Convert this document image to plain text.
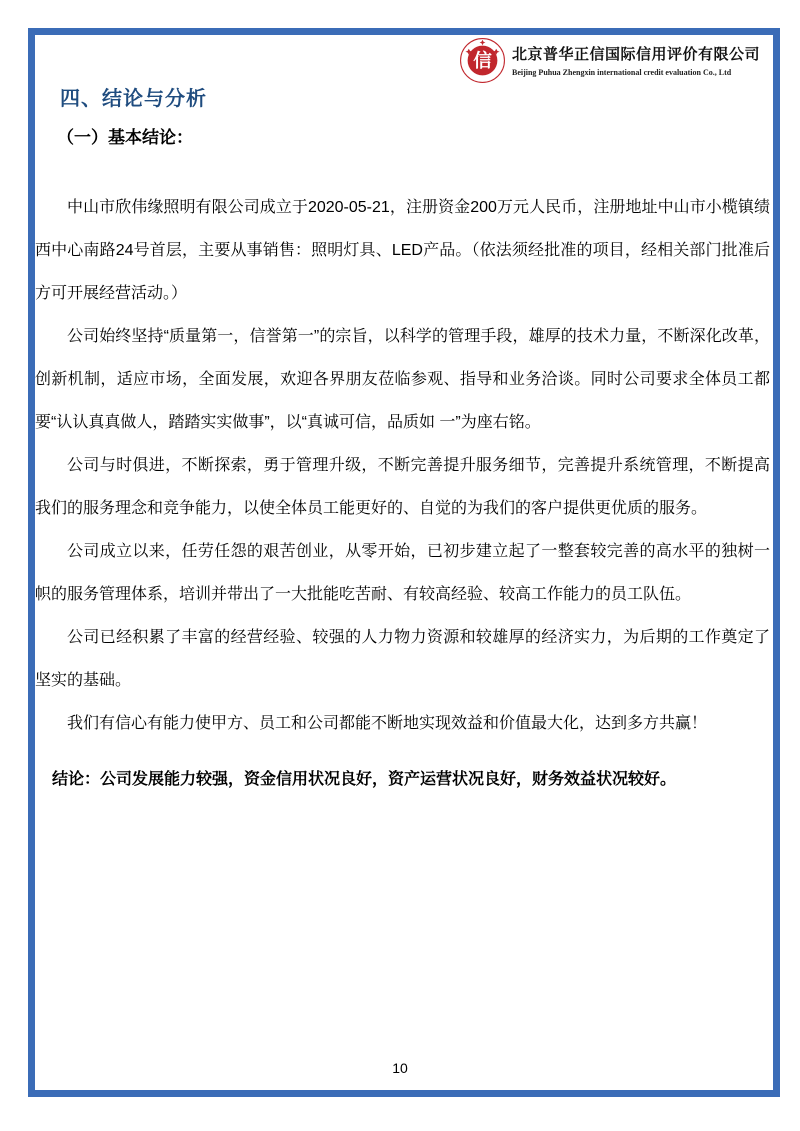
信 北京普华正信国际信用评价有限公司
Beijing Puhua Zhengxin international credit evaluation Co., Ltd
四、结论与分析
（一）基本结论：

中山市欣伟缘照明有限公司成立于2020-05-21，注册资金200万元人民币，注册地址中山市小榄镇绩西中心南路24号首层，主要从事销售：照明灯具、LED产品。（依法须经批准的项目，经相关部门批准后方可开展经营活动。）

公司始终坚持“质量第一，信誉第一”的宗旨，以科学的管理手段，雄厚的技术力量，不断深化改革，创新机制，适应市场，全面发展，欢迎各界朋友莅临参观、指导和业务洽谈。同时公司要求全体员工都要“认认真真做人，踏踏实实做事”，以“真诚可信，品质如 一”为座右铭。

公司与时俱进，不断探索，勇于管理升级，不断完善提升服务细节，完善提升系统管理，不断提高我们的服务理念和竞争能力，以使全体员工能更好的、自觉的为我们的客户提供更优质的服务。

公司成立以来，任劳任怨的艰苦创业，从零开始，已初步建立起了一整套较完善的高水平的独树一帜的服务管理体系，培训并带出了一大批能吃苦耐、有较高经验、较高工作能力的员工队伍。

公司已经积累了丰富的经营经验、较强的人力物力资源和较雄厚的经济实力，为后期的工作奠定了坚实的基础。

我们有信心有能力使甲方、员工和公司都能不断地实现效益和价值最大化，达到多方共赢！

结论：公司发展能力较强，资金信用状况良好，资产运营状况良好，财务效益状况较好。

10
